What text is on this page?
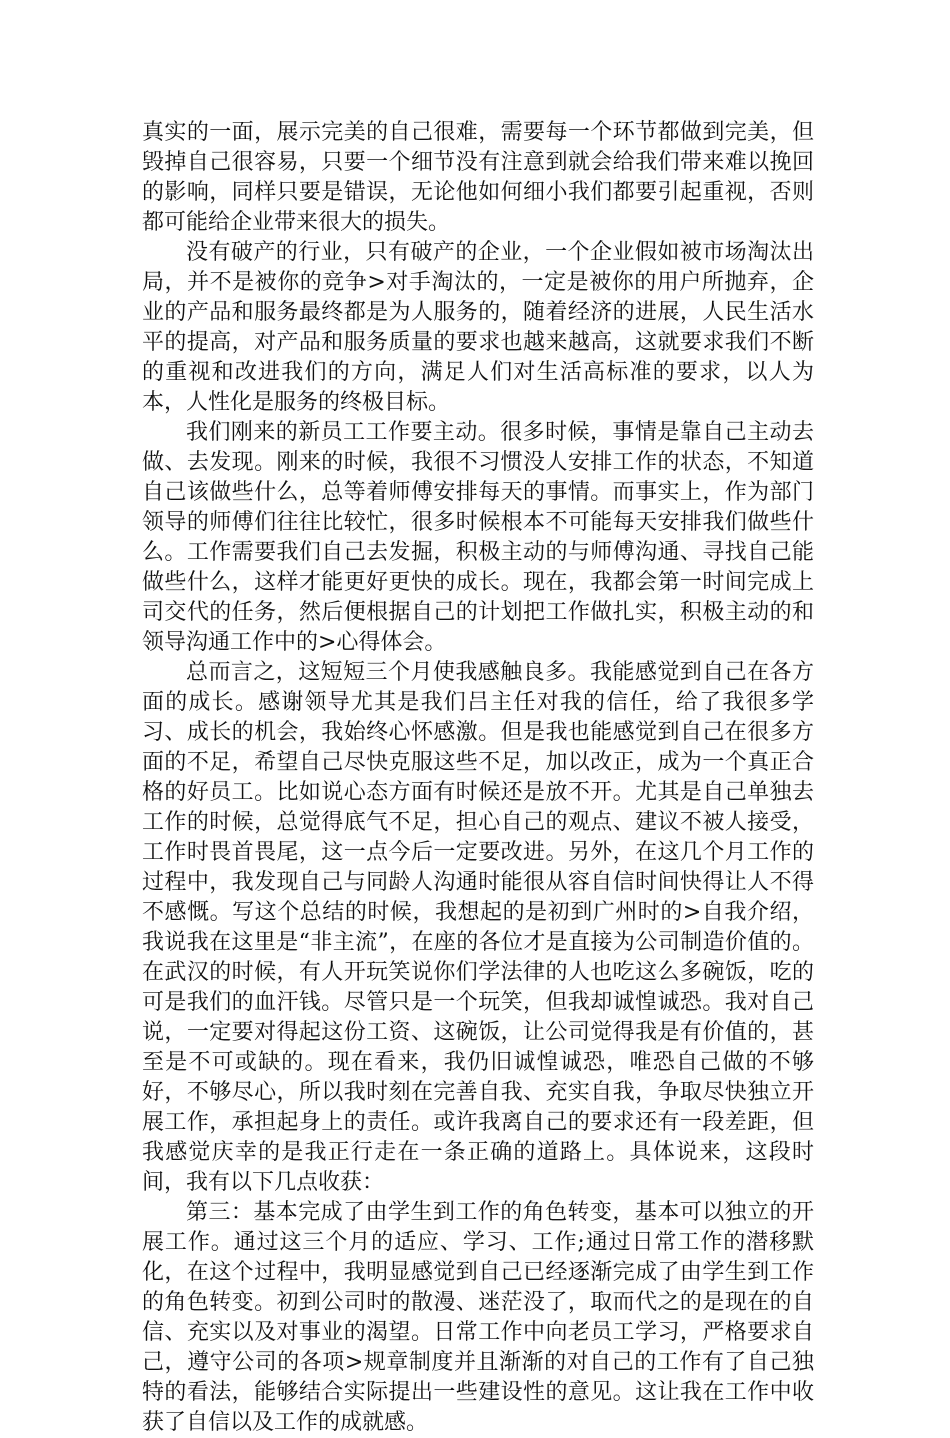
真实的一面，展示完美的自己很难，需要每一个环节都做到完美，但毁掉自己很容易，只要一个细节没有注意到就会给我们带来难以挽回的影响，同样只要是错误，无论他如何细小我们都要引起重视，否则都可能给企业带来很大的损失。

没有破产的行业，只有破产的企业，一个企业假如被市场淘汰出局，并不是被你的竞争>对手淘汰的，一定是被你的用户所抛弃，企业的产品和服务最终都是为人服务的，随着经济的进展，人民生活水平的提高，对产品和服务质量的要求也越来越高，这就要求我们不断的重视和改进我们的方向，满足人们对生活高标准的要求，以人为本，人性化是服务的终极目标。

我们刚来的新员工工作要主动。很多时候，事情是靠自己主动去做、去发现。刚来的时候，我很不习惯没人安排工作的状态，不知道自己该做些什么，总等着师傅安排每天的事情。而事实上，作为部门领导的师傅们往往比较忙，很多时候根本不可能每天安排我们做些什么。工作需要我们自己去发掘，积极主动的与师傅沟通、寻找自己能做些什么，这样才能更好更快的成长。现在，我都会第一时间完成上司交代的任务，然后便根据自己的计划把工作做扎实，积极主动的和领导沟通工作中的>心得体会。

总而言之，这短短三个月使我感触良多。我能感觉到自己在各方面的成长。感谢领导尤其是我们吕主任对我的信任，给了我很多学习、成长的机会，我始终心怀感激。但是我也能感觉到自己在很多方面的不足，希望自己尽快克服这些不足，加以改正，成为一个真正合格的好员工。比如说心态方面有时候还是放不开。尤其是自己单独去工作的时候，总觉得底气不足，担心自己的观点、建议不被人接受，工作时畏首畏尾，这一点今后一定要改进。另外，在这几个月工作的过程中，我发现自己与同龄人沟通时能很从容自信时间快得让人不得不感慨。写这个总结的时候，我想起的是初到广州时的>自我介绍，我说我在这里是“非主流”，在座的各位才是直接为公司制造价值的。在武汉的时候，有人开玩笑说你们学法律的人也吃这么多碗饭，吃的可是我们的血汗钱。尽管只是一个玩笑，但我却诚惶诚恐。我对自己说，一定要对得起这份工资、这碗饭，让公司觉得我是有价值的，甚至是不可或缺的。现在看来，我仍旧诚惶诚恐，唯恐自己做的不够好，不够尽心，所以我时刻在完善自我、充实自我，争取尽快独立开展工作，承担起身上的责任。或许我离自己的要求还有一段差距，但我感觉庆幸的是我正行走在一条正确的道路上。具体说来，这段时间，我有以下几点收获：

第三：基本完成了由学生到工作的角色转变，基本可以独立的开展工作。通过这三个月的适应、学习、工作;通过日常工作的潜移默化，在这个过程中，我明显感觉到自己已经逐渐完成了由学生到工作的角色转变。初到公司时的散漫、迷茫没了，取而代之的是现在的自信、充实以及对事业的渴望。日常工作中向老员工学习，严格要求自己，遵守公司的各项>规章制度并且渐渐的对自己的工作有了自己独特的看法，能够结合实际提出一些建设性的意见。这让我在工作中收获了自信以及工作的成就感。
